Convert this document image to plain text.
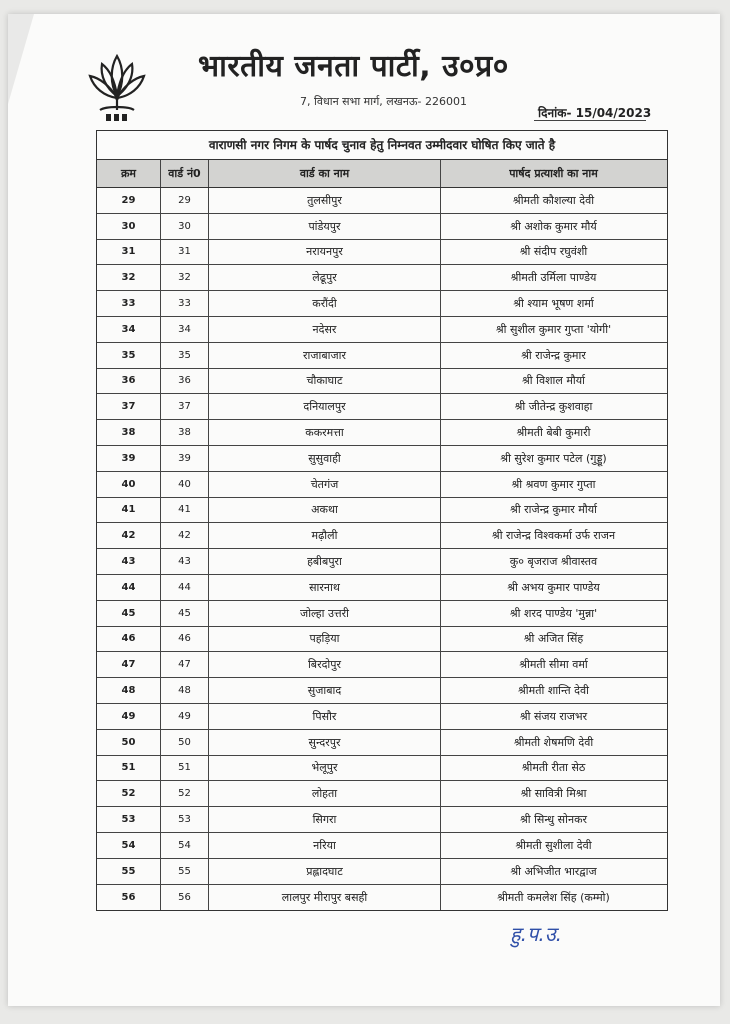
भारतीय जनता पार्टी, उ०प्र०
7, विधान सभा मार्ग, लखनऊ- 226001
दिनांक- 15/04/2023
वाराणसी नगर निगम के पार्षद चुनाव हेतु निम्नवत उम्मीदवार घोषित किए जाते है
क्रम	वार्ड नं0	वार्ड का नाम	पार्षद प्रत्याशी का नाम
29	29	तुलसीपुर	श्रीमती कौशल्या देवी
30	30	पांडेयपुर	श्री अशोक कुमार मौर्य
31	31	नरायनपुर	श्री संदीप रघुवंशी
32	32	लेढूपुर	श्रीमती उर्मिला पाण्डेय
33	33	करौंदी	श्री श्याम भूषण शर्मा
34	34	नदेसर	श्री सुशील कुमार गुप्ता 'योगी'
35	35	राजाबाजार	श्री राजेन्द्र कुमार
36	36	चौकाघाट	श्री विशाल मौर्या
37	37	दनियालपुर	श्री जीतेन्द्र कुशवाहा
38	38	ककरमत्ता	श्रीमती बेबी कुमारी
39	39	सुसुवाही	श्री सुरेश कुमार पटेल (गुड्डू)
40	40	चेतगंज	श्री श्रवण कुमार गुप्ता
41	41	अकथा	श्री राजेन्द्र कुमार मौर्या
42	42	मढ़ौली	श्री राजेन्द्र विश्वकर्मा उर्फ राजन
43	43	हबीबपुरा	कु० बृजराज श्रीवास्तव
44	44	सारनाथ	श्री अभय कुमार पाण्डेय
45	45	जोल्हा उत्तरी	श्री शरद पाण्डेय 'मुन्ना'
46	46	पहड़िया	श्री अजित सिंह
47	47	बिरदोपुर	श्रीमती सीमा वर्मा
48	48	सुजाबाद	श्रीमती शान्ति देवी
49	49	पिसौर	श्री संजय राजभर
50	50	सुन्दरपुर	श्रीमती शेषमणि देवी
51	51	भेलूपुर	श्रीमती रीता सेठ
52	52	लोहता	श्री सावित्री मिश्रा
53	53	सिगरा	श्री सिन्धु सोनकर
54	54	नरिया	श्रीमती सुशीला देवी
55	55	प्रह्लादघाट	श्री अभिजीत भारद्वाज
56	56	लालपुर मीरापुर बसही	श्रीमती कमलेश सिंह (कम्मो)
हु.प.उ.
